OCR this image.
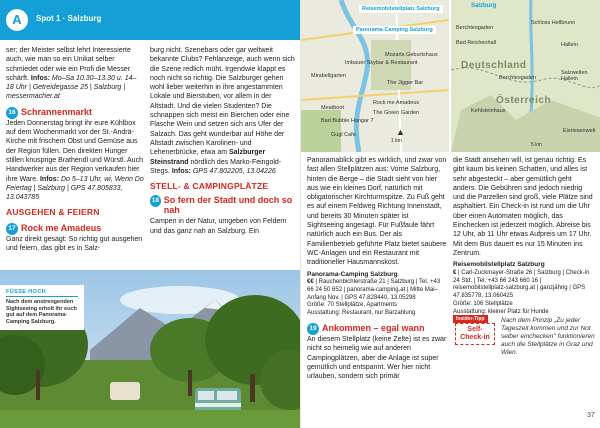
A	Spot 1 · Salzburg

ser; der Meister selbst lehrt Interessierte auch, wie man so ein Unikat selber schmiedet oder wie ein Profi die Messer schärft. Infos: Mo–Sa 10.30–13.30 u. 14–18 Uhr | Getreidegasse 25 | Salzburg | messermacher.at

16 Schrannenmarkt

Jeden Donnerstag bringt ihr eure Kühlbox auf dem Wochenmarkt vor der St.-Andrä-Kirche mit frischem Obst und Gemüse aus der Region füllen. Den direkten Hunger stillen knusprige Brathendl und Würstl. Auch Handwerker aus der Region verkaufen hier ihre Ware. Infos: Do 5–13 Uhr, wi, Wenn Do Feiertag | Salzburg | GPS 47.805833, 13.043785

AUSGEHEN & FEIERN
17 Rock me Amadeus

Ganz direkt gesagt: So richtig gut ausgehen und feiern, das gibt es in Salz-

burg nicht. Szenebars oder gar weltweit bekannte Clubs? Fehlanzeige, auch wenn sich die Szene redlich müht. Irgendwie klappt es noch nicht so richtig. Die Salzburger gehen wohl lieber weiterhin in ihre angestammten Lokale und Bierstuben, vor allem in der Altstadt. Und die vielen Studenten? Die schnappen sich meist ein Bierchen oder eine Flasche Wein und setzen sich ans Ufer der Salzach. Das geht wunderbar auf Höhe der Altstadt zwischen Karolinen- und Lehenerbrücke, etwa am Salzburger Steinstrand nördlich des Marko-Feingold-Stegs. Infos: GPS 47.802205, 13.04226

STELL- & CAMPINGPLÄTZE
18 So fern der Stadt und doch so nah

Campen in der Natur, umgeben von Feldern und das ganz nah an Salzburg. Ein

FÜSSE HOCH
Nach dem anstrengenden Sightseeing erholt ihr euch gut auf dem Panorama-Camping Salzburg.
Reisemobilstellplatz Salzburg
Panorama-Camping Salzburg
Imbauer Skybar & Restaurant
Mirabellgarten
Mozarts Geburtshaus
The Jigger Bar
Rock me Amadeus
The Green Garden
Meatboot
Bad Bubble Hangar 7
Gugl Cafe
1 km
▲
Salzburg
Schloss Hellbrunn
Deutschland
Berchtesgaden
Bad Reichenhall
Berchtesgaden
Hallein
Salzwelten Hallein
Österreich
Kehlsteinhaus
Eisriesenwelt
5 km

Panoramablick gibt es wirklich, und zwar von fast allen Stellplätzen aus: Vorne Salzburg, hinten die Berge – die Stadt sieht von hier aus wie ein kleines Dorf, natürlich mit obligatorischer Kirchturmspitze. Zu Fuß geht es auf einem Feldweg Richtung Innenstadt, und bereits 30 Minuten später ist Sightseeing angesagt. Für Fußfaule fährt natürlich auch ein Bus. Der als Familienbetrieb geführte Platz bietet saubere WC-Anlagen und ein Restaurant mit traditioneller Hausmannskost.

Panorama-Camping Salzburg
€€ | Rauchenbichlerstraße 21 | Salzburg | Tel. +43 66 24 50 652 | panorama-camping.at | Mitte Mai–Anfang Nov. | GPS 47.828440, 13.05298
Größe: 70 Stellplätze, Apartments
Ausstattung: Restaurant, nur Barzahlung
19 Ankommen – egal wann

An diesem Stellplatz (keine Zelte) ist es zwar nicht so heimelig wie auf anderen Campingplätzen, aber die Anlage ist super gemütlich und entspannt. Wer hier nicht urlauben, sondern sich primär

die Stadt ansehen will, ist genau richtig. Es gibt kaum bis keinen Schatten, und alles ist sehr abgesteckt – aber gemütlich geht anders. Die Gebühren sind jedoch niedrig und die Parzellen sind groß, viele Plätze sind asphaltiert. Ein Check-in ist rund um die Uhr über einen Automaten möglich, das Einchecken ist jederzeit möglich. Abreise bis 12 Uhr, ab 11 Uhr etwas Aufpreis um 17 Uhr. Mit dem Bus dauert es nur 15 Minuten ins Zentrum.

Reisemobilstellplatz Salzburg
€ | Carl-Zuckmayer-Straße 26 | Salzburg | Check-in 24 Std. | Tel. +43 66 243 660 16 | reisemobilstellplatz-salzburg.at | ganzjährig | GPS 47.835778, 13.060425
Größe: 106 Stellplätze
Ausstattung: kleiner Platz für Hunde
Insider-Tipp
Self-Check-in
Nach dem Prinzip „Zu jeder Tageszeit kommen und zur Not selber einchecken" funktionieren auch die Stellplätze in Graz und Wien.
37
